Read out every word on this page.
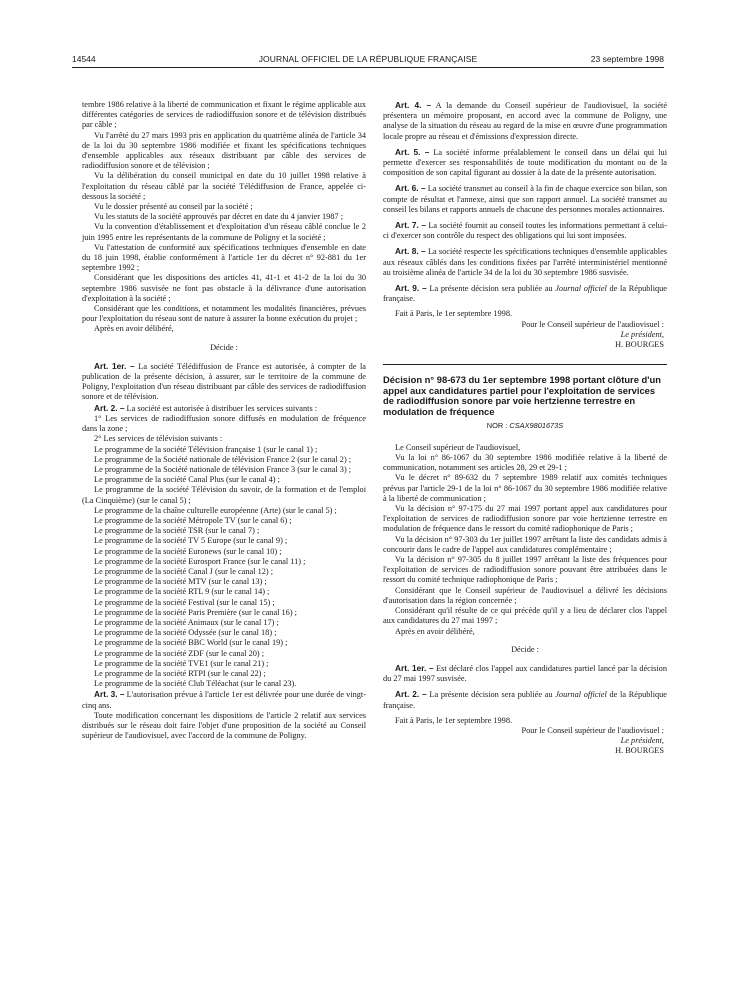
14544	JOURNAL OFFICIEL DE LA RÉPUBLIQUE FRANÇAISE	23 septembre 1998

tembre 1986 relative à la liberté de communication et fixant le régime applicable aux différentes catégories de services de radiodiffusion sonore et de télévision distribués par câble ;

Vu l'arrêté du 27 mars 1993 pris en application du quatrième alinéa de l'article 34 de la loi du 30 septembre 1986 modifiée et fixant les spécifications techniques d'ensemble applicables aux réseaux distribuant par câble des services de radiodiffusion sonore et de télévision ;

Vu la délibération du conseil municipal en date du 10 juillet 1998 relative à l'exploitation du réseau câblé par la société Télédiffusion de France, appelée ci-dessous la société ;

Vu le dossier présenté au conseil par la société ;

Vu les statuts de la société approuvés par décret en date du 4 janvier 1987 ;

Vu la convention d'établissement et d'exploitation d'un réseau câblé conclue le 2 juin 1995 entre les représentants de la commune de Poligny et la société ;

Vu l'attestation de conformité aux spécifications techniques d'ensemble en date du 18 juin 1998, établie conformément à l'article 1er du décret n° 92-881 du 1er septembre 1992 ;

Considérant que les dispositions des articles 41, 41-1 et 41-2 de la loi du 30 septembre 1986 susvisée ne font pas obstacle à la délivrance d'une autorisation d'exploitation à la société ;

Considérant que les conditions, et notamment les modalités financières, prévues pour l'exploitation du réseau sont de nature à assurer la bonne exécution du projet ;

Après en avoir délibéré,

Décide :

Art. 1er. – La société Télédiffusion de France est autorisée, à compter de la publication de la présente décision, à assurer, sur le territoire de la commune de Poligny, l'exploitation d'un réseau distribuant par câble des services de radiodiffusion sonore et de télévision.

Art. 2. – La société est autorisée à distribuer les services suivants :

1° Les services de radiodiffusion sonore diffusés en modulation de fréquence dans la zone ;

2° Les services de télévision suivants :

Le programme de la société Télévision française 1 (sur le canal 1) ;

Le programme de la Société nationale de télévision France 2 (sur le canal 2) ;

Le programme de la Société nationale de télévision France 3 (sur le canal 3) ;

Le programme de la société Canal Plus (sur le canal 4) ;

Le programme de la société Télévision du savoir, de la formation et de l'emploi (La Cinquième) (sur le canal 5) ;

Le programme de la chaîne culturelle européenne (Arte) (sur le canal 5) ;

Le programme de la société Métropole TV (sur le canal 6) ;

Le programme de la société TSR (sur le canal 7) ;

Le programme de la société TV 5 Europe (sur le canal 9) ;

Le programme de la société Euronews (sur le canal 10) ;

Le programme de la société Eurosport France (sur le canal 11) ;

Le programme de la société Canal J (sur le canal 12) ;

Le programme de la société MTV (sur le canal 13) ;

Le programme de la société RTL 9 (sur le canal 14) ;

Le programme de la société Festival (sur le canal 15) ;

Le programme de la société Paris Première (sur le canal 16) ;

Le programme de la société Animaux (sur le canal 17) ;

Le programme de la société Odyssée (sur le canal 18) ;

Le programme de la société BBC World (sur le canal 19) ;

Le programme de la société ZDF (sur le canal 20) ;

Le programme de la société TVE1 (sur le canal 21) ;

Le programme de la société RTPI (sur le canal 22) ;

Le programme de la société Club Téléachat (sur le canal 23).

Art. 3. – L'autorisation prévue à l'article 1er est délivrée pour une durée de vingt-cinq ans.

Toute modification concernant les dispositions de l'article 2 relatif aux services distribués sur le réseau doit faire l'objet d'une proposition de la société au Conseil supérieur de l'audiovisuel, avec l'accord de la commune de Poligny.

Art. 4. – A la demande du Conseil supérieur de l'audiovisuel, la société présentera un mémoire proposant, en accord avec la commune de Poligny, une analyse de la situation du réseau au regard de la mise en œuvre d'une programmation locale propre au réseau et d'émissions d'expression directe.

Art. 5. – La société informe préalablement le conseil dans un délai qui lui permette d'exercer ses responsabilités de toute modification du montant ou de la composition de son capital figurant au dossier à la date de la présente autorisation.

Art. 6. – La société transmet au conseil à la fin de chaque exercice son bilan, son compte de résultat et l'annexe, ainsi que son rapport annuel. La société transmet au conseil les bilans et rapports annuels de chacune des personnes morales actionnaires.

Art. 7. – La société fournit au conseil toutes les informations permettant à celui-ci d'exercer son contrôle du respect des obligations qui lui sont imposées.

Art. 8. – La société respecte les spécifications techniques d'ensemble applicables aux réseaux câblés dans les conditions fixées par l'arrêté interministériel mentionné au troisième alinéa de l'article 34 de la loi du 30 septembre 1986 susvisée.

Art. 9. – La présente décision sera publiée au Journal officiel de la République française.

Fait à Paris, le 1er septembre 1998.

Pour le Conseil supérieur de l'audiovisuel :

Le président,

H. BOURGES

Décision n° 98-673 du 1er septembre 1998 portant clôture d'un appel aux candidatures partiel pour l'exploitation de services de radiodiffusion sonore par voie hertzienne terrestre en modulation de fréquence
NOR : CSAX9801673S

Le Conseil supérieur de l'audiovisuel,

Vu la loi n° 86-1067 du 30 septembre 1986 modifiée relative à la liberté de communication, notamment ses articles 28, 29 et 29-1 ;

Vu le décret n° 89-632 du 7 septembre 1989 relatif aux comités techniques prévus par l'article 29-1 de la loi n° 86-1067 du 30 septembre 1986 modifiée relative à la liberté de communication ;

Vu la décision n° 97-175 du 27 mai 1997 portant appel aux candidatures pour l'exploitation de services de radiodiffusion sonore par voie hertzienne terrestre en modulation de fréquence dans le ressort du comité radiophonique de Paris ;

Vu la décision n° 97-303 du 1er juillet 1997 arrêtant la liste des candidats admis à concourir dans le cadre de l'appel aux candidatures complémentaire ;

Vu la décision n° 97-305 du 8 juillet 1997 arrêtant la liste des fréquences pour l'exploitation de services de radiodiffusion sonore pouvant être attribuées dans le ressort du comité technique radiophonique de Paris ;

Considérant que le Conseil supérieur de l'audiovisuel a délivré les décisions d'autorisation dans la région concernée ;

Considérant qu'il résulte de ce qui précède qu'il y a lieu de déclarer clos l'appel aux candidatures du 27 mai 1997 ;

Après en avoir délibéré,

Décide :

Art. 1er. – Est déclaré clos l'appel aux candidatures partiel lancé par la décision du 27 mai 1997 susvisée.

Art. 2. – La présente décision sera publiée au Journal officiel de la République française.

Fait à Paris, le 1er septembre 1998.

Pour le Conseil supérieur de l'audiovisuel :

Le président,

H. BOURGES
